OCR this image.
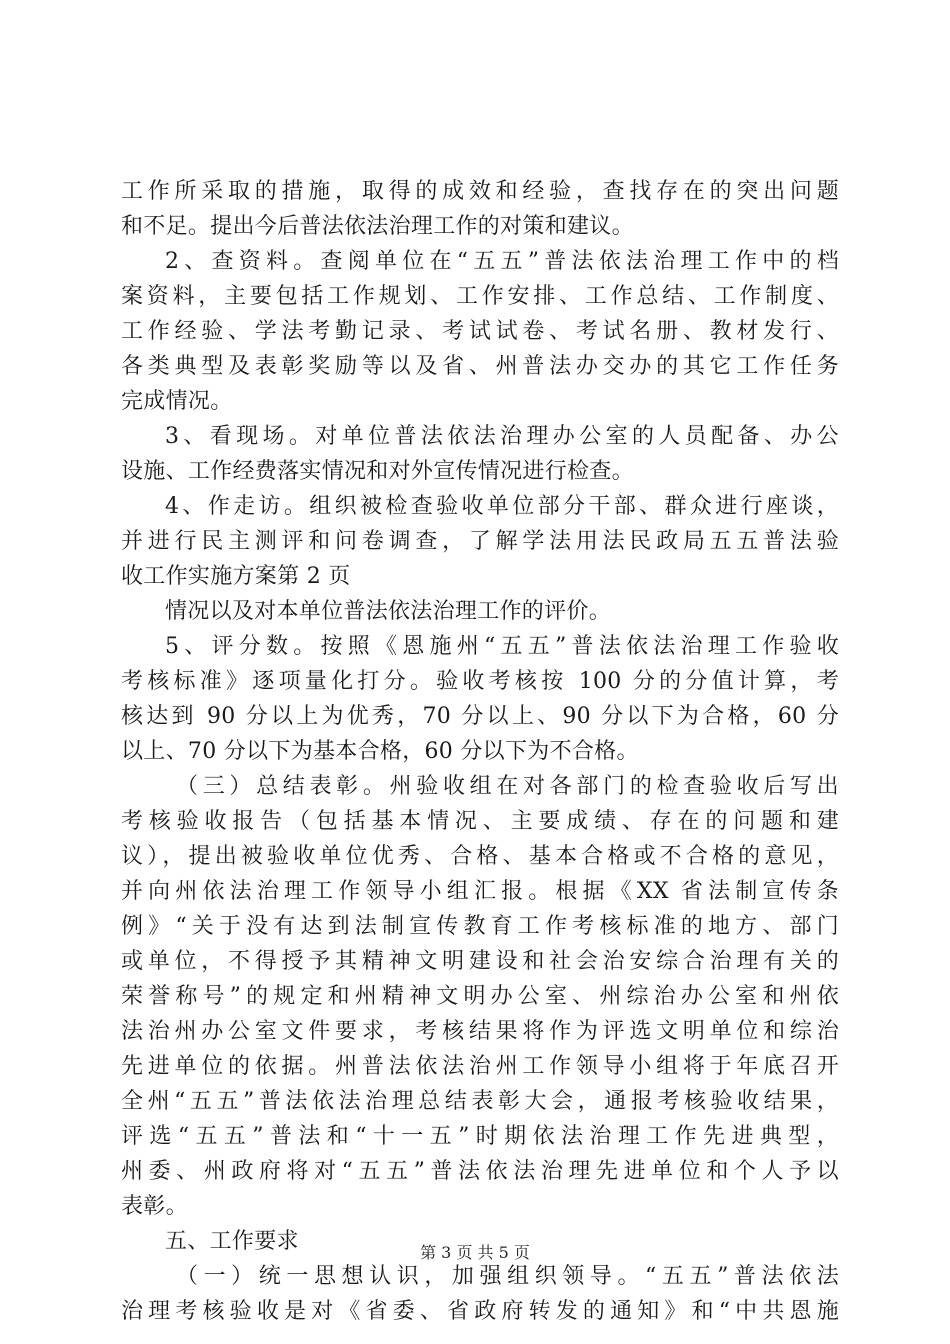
工作所采取的措施，取得的成效和经验，查找存在的突出问题
和不足。提出今后普法依法治理工作的对策和建议。
2、查资料。查阅单位在“五五”普法依法治理工作中的档
案资料，主要包括工作规划、工作安排、工作总结、工作制度、
工作经验、学法考勤记录、考试试卷、考试名册、教材发行、
各类典型及表彰奖励等以及省、州普法办交办的其它工作任务
完成情况。
3、看现场。对单位普法依法治理办公室的人员配备、办公
设施、工作经费落实情况和对外宣传情况进行检查。
4、作走访。组织被检查验收单位部分干部、群众进行座谈，
并进行民主测评和问卷调查，了解学法用法民政局五五普法验
收工作实施方案第 2 页
情况以及对本单位普法依法治理工作的评价。
5、评分数。按照《恩施州“五五”普法依法治理工作验收
考核标准》逐项量化打分。验收考核按 100 分的分值计算，考
核达到 90 分以上为优秀，70 分以上、90 分以下为合格，60 分
以上、70 分以下为基本合格，60 分以下为不合格。
（三）总结表彰。州验收组在对各部门的检查验收后写出
考核验收报告（包括基本情况、主要成绩、存在的问题和建
议），提出被验收单位优秀、合格、基本合格或不合格的意见，
并向州依法治理工作领导小组汇报。根据《XX 省法制宣传条
例》“关于没有达到法制宣传教育工作考核标准的地方、部门
或单位，不得授予其精神文明建设和社会治安综合治理有关的
荣誉称号”的规定和州精神文明办公室、州综治办公室和州依
法治州办公室文件要求，考核结果将作为评选文明单位和综治
先进单位的依据。州普法依法治州工作领导小组将于年底召开
全州“五五”普法依法治理总结表彰大会，通报考核验收结果，
评选“五五”普法和“十一五”时期依法治理工作先进典型，
州委、州政府将对“五五”普法依法治理先进单位和个人予以
表彰。
五、工作要求
（一）统一思想认识，加强组织领导。“五五”普法依法
治理考核验收是对《省委、省政府转发的通知》和“中共恩施
第 3 页 共 5 页
